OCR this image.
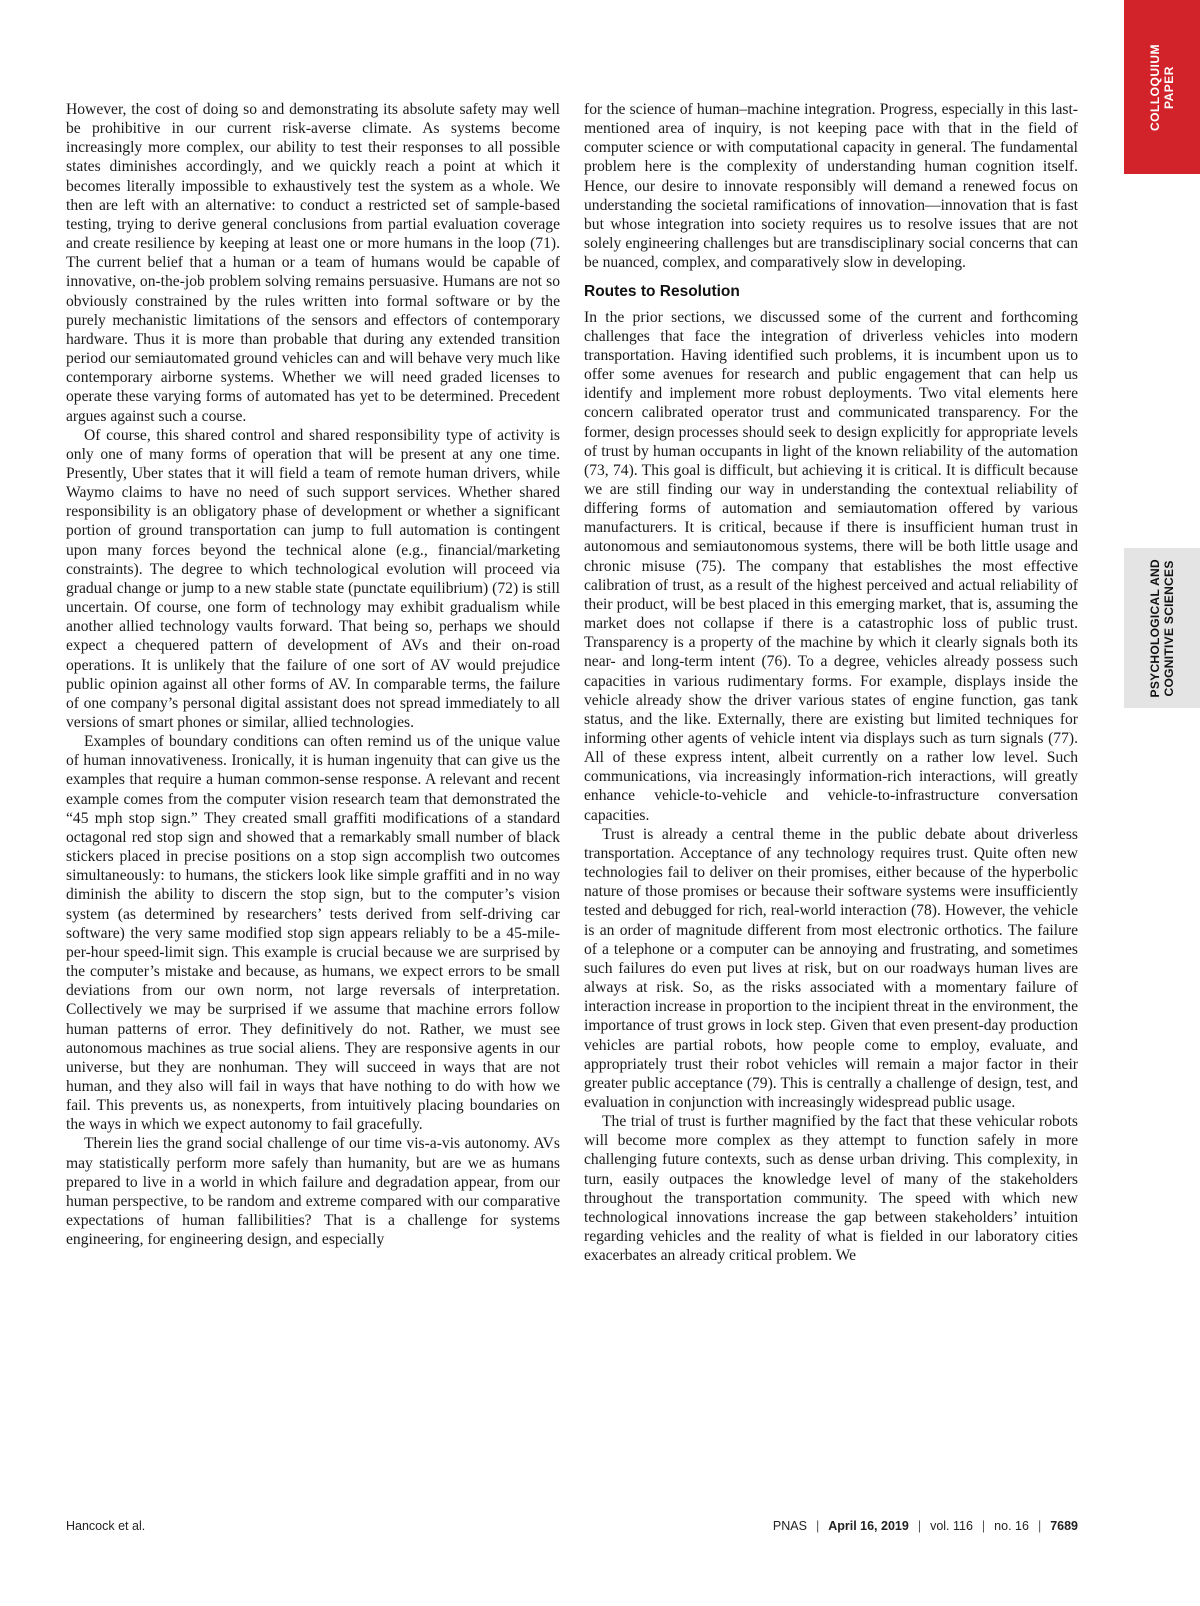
COLLOQUIUM
PAPER
PSYCHOLOGICAL AND
COGNITIVE SCIENCES

However, the cost of doing so and demonstrating its absolute safety may well be prohibitive in our current risk-averse climate. As systems become increasingly more complex, our ability to test their responses to all possible states diminishes accordingly, and we quickly reach a point at which it becomes literally impossible to exhaustively test the system as a whole. We then are left with an alternative: to conduct a restricted set of sample-based testing, trying to derive general conclusions from partial evaluation coverage and create resilience by keeping at least one or more humans in the loop (71). The current belief that a human or a team of humans would be capable of innovative, on-the-job problem solving remains persuasive. Humans are not so obviously constrained by the rules written into formal software or by the purely mechanistic limitations of the sensors and effectors of contemporary hardware. Thus it is more than probable that during any extended transition period our semiautomated ground vehicles can and will behave very much like contemporary airborne systems. Whether we will need graded licenses to operate these varying forms of automated has yet to be determined. Precedent argues against such a course.

Of course, this shared control and shared responsibility type of activity is only one of many forms of operation that will be present at any one time. Presently, Uber states that it will field a team of remote human drivers, while Waymo claims to have no need of such support services. Whether shared responsibility is an obligatory phase of development or whether a significant portion of ground transportation can jump to full automation is contingent upon many forces beyond the technical alone (e.g., financial/marketing constraints). The degree to which technological evolution will proceed via gradual change or jump to a new stable state (punctate equilibrium) (72) is still uncertain. Of course, one form of technology may exhibit gradualism while another allied technology vaults forward. That being so, perhaps we should expect a chequered pattern of development of AVs and their on-road operations. It is unlikely that the failure of one sort of AV would prejudice public opinion against all other forms of AV. In comparable terms, the failure of one company’s personal digital assistant does not spread immediately to all versions of smart phones or similar, allied technologies.

Examples of boundary conditions can often remind us of the unique value of human innovativeness. Ironically, it is human ingenuity that can give us the examples that require a human common-sense response. A relevant and recent example comes from the computer vision research team that demonstrated the “45 mph stop sign.” They created small graffiti modifications of a standard octagonal red stop sign and showed that a remarkably small number of black stickers placed in precise positions on a stop sign accomplish two outcomes simultaneously: to humans, the stickers look like simple graffiti and in no way diminish the ability to discern the stop sign, but to the computer’s vision system (as determined by researchers’ tests derived from self-driving car software) the very same modified stop sign appears reliably to be a 45-mile-per-hour speed-limit sign. This example is crucial because we are surprised by the computer’s mistake and because, as humans, we expect errors to be small deviations from our own norm, not large reversals of interpretation. Collectively we may be surprised if we assume that machine errors follow human patterns of error. They definitively do not. Rather, we must see autonomous machines as true social aliens. They are responsive agents in our universe, but they are nonhuman. They will succeed in ways that are not human, and they also will fail in ways that have nothing to do with how we fail. This prevents us, as nonexperts, from intuitively placing boundaries on the ways in which we expect autonomy to fail gracefully.

Therein lies the grand social challenge of our time vis-a-vis autonomy. AVs may statistically perform more safely than humanity, but are we as humans prepared to live in a world in which failure and degradation appear, from our human perspective, to be random and extreme compared with our comparative expectations of human fallibilities? That is a challenge for systems engineering, for engineering design, and especially

for the science of human–machine integration. Progress, especially in this last-mentioned area of inquiry, is not keeping pace with that in the field of computer science or with computational capacity in general. The fundamental problem here is the complexity of understanding human cognition itself. Hence, our desire to innovate responsibly will demand a renewed focus on understanding the societal ramifications of innovation—innovation that is fast but whose integration into society requires us to resolve issues that are not solely engineering challenges but are transdisciplinary social concerns that can be nuanced, complex, and comparatively slow in developing.

Routes to Resolution

In the prior sections, we discussed some of the current and forthcoming challenges that face the integration of driverless vehicles into modern transportation. Having identified such problems, it is incumbent upon us to offer some avenues for research and public engagement that can help us identify and implement more robust deployments. Two vital elements here concern calibrated operator trust and communicated transparency. For the former, design processes should seek to design explicitly for appropriate levels of trust by human occupants in light of the known reliability of the automation (73, 74). This goal is difficult, but achieving it is critical. It is difficult because we are still finding our way in understanding the contextual reliability of differing forms of automation and semiautomation offered by various manufacturers. It is critical, because if there is insufficient human trust in autonomous and semiautonomous systems, there will be both little usage and chronic misuse (75). The company that establishes the most effective calibration of trust, as a result of the highest perceived and actual reliability of their product, will be best placed in this emerging market, that is, assuming the market does not collapse if there is a catastrophic loss of public trust. Transparency is a property of the machine by which it clearly signals both its near- and long-term intent (76). To a degree, vehicles already possess such capacities in various rudimentary forms. For example, displays inside the vehicle already show the driver various states of engine function, gas tank status, and the like. Externally, there are existing but limited techniques for informing other agents of vehicle intent via displays such as turn signals (77). All of these express intent, albeit currently on a rather low level. Such communications, via increasingly information-rich interactions, will greatly enhance vehicle-to-vehicle and vehicle-to-infrastructure conversation capacities.

Trust is already a central theme in the public debate about driverless transportation. Acceptance of any technology requires trust. Quite often new technologies fail to deliver on their promises, either because of the hyperbolic nature of those promises or because their software systems were insufficiently tested and debugged for rich, real-world interaction (78). However, the vehicle is an order of magnitude different from most electronic orthotics. The failure of a telephone or a computer can be annoying and frustrating, and sometimes such failures do even put lives at risk, but on our roadways human lives are always at risk. So, as the risks associated with a momentary failure of interaction increase in proportion to the incipient threat in the environment, the importance of trust grows in lock step. Given that even present-day production vehicles are partial robots, how people come to employ, evaluate, and appropriately trust their robot vehicles will remain a major factor in their greater public acceptance (79). This is centrally a challenge of design, test, and evaluation in conjunction with increasingly widespread public usage.

The trial of trust is further magnified by the fact that these vehicular robots will become more complex as they attempt to function safely in more challenging future contexts, such as dense urban driving. This complexity, in turn, easily outpaces the knowledge level of many of the stakeholders throughout the transportation community. The speed with which new technological innovations increase the gap between stakeholders’ intuition regarding vehicles and the reality of what is fielded in our laboratory cities exacerbates an already critical problem. We

Hancock et al.	PNAS | April 16, 2019 | vol. 116 | no. 16 | 7689
